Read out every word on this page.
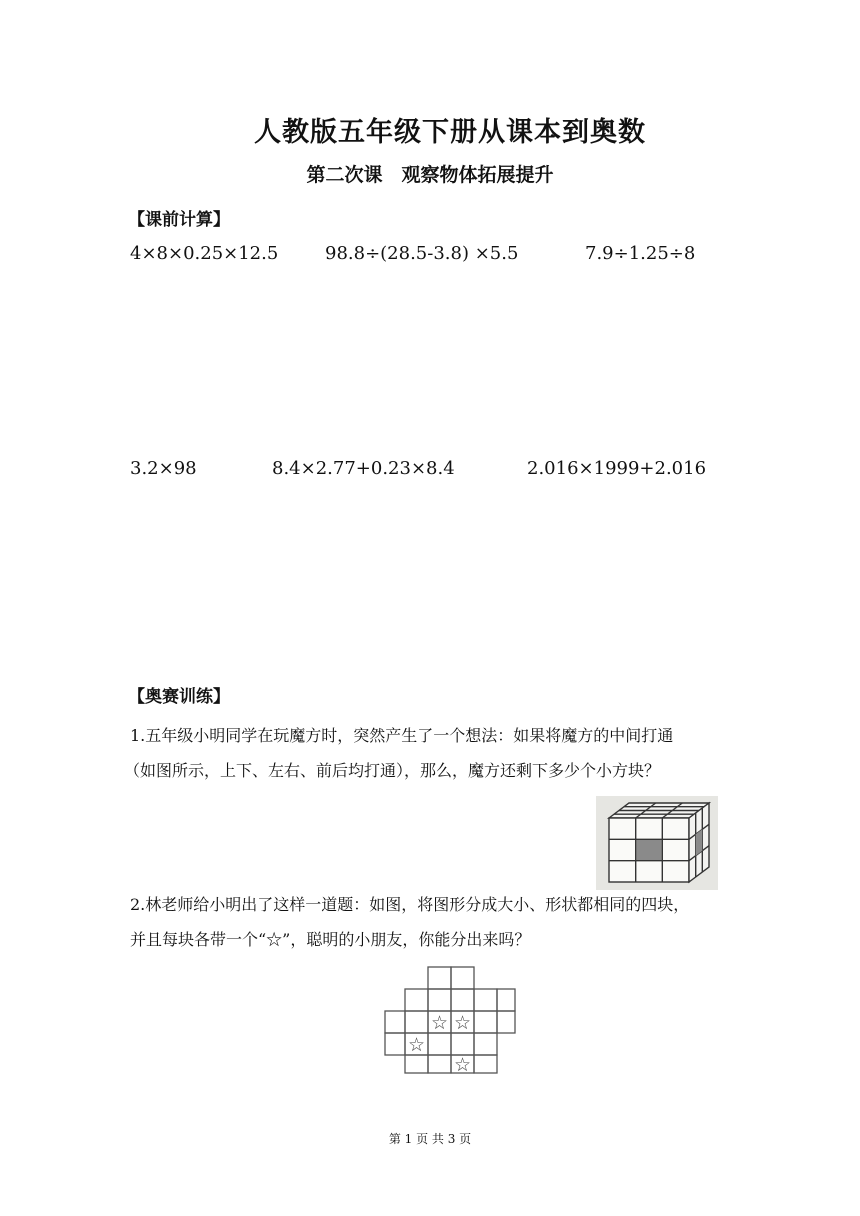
人教版五年级下册从课本到奥数
第二次课　观察物体拓展提升
【课前计算】
4×8×0.25×12.5	98.8÷(28.5-3.8) ×5.5	7.9÷1.25÷8
3.2×98	8.4×2.77+0.23×8.4	2.016×1999+2.016
【奥赛训练】
1.五年级小明同学在玩魔方时，突然产生了一个想法：如果将魔方的中间打通
（如图所示，上下、左右、前后均打通），那么，魔方还剩下多少个小方块？
2.林老师给小明出了这样一道题：如图，将图形分成大小、形状都相同的四块，
并且每块各带一个“☆”，聪明的小朋友，你能分出来吗？
☆ ☆
☆
☆
第 1 页 共 3 页
